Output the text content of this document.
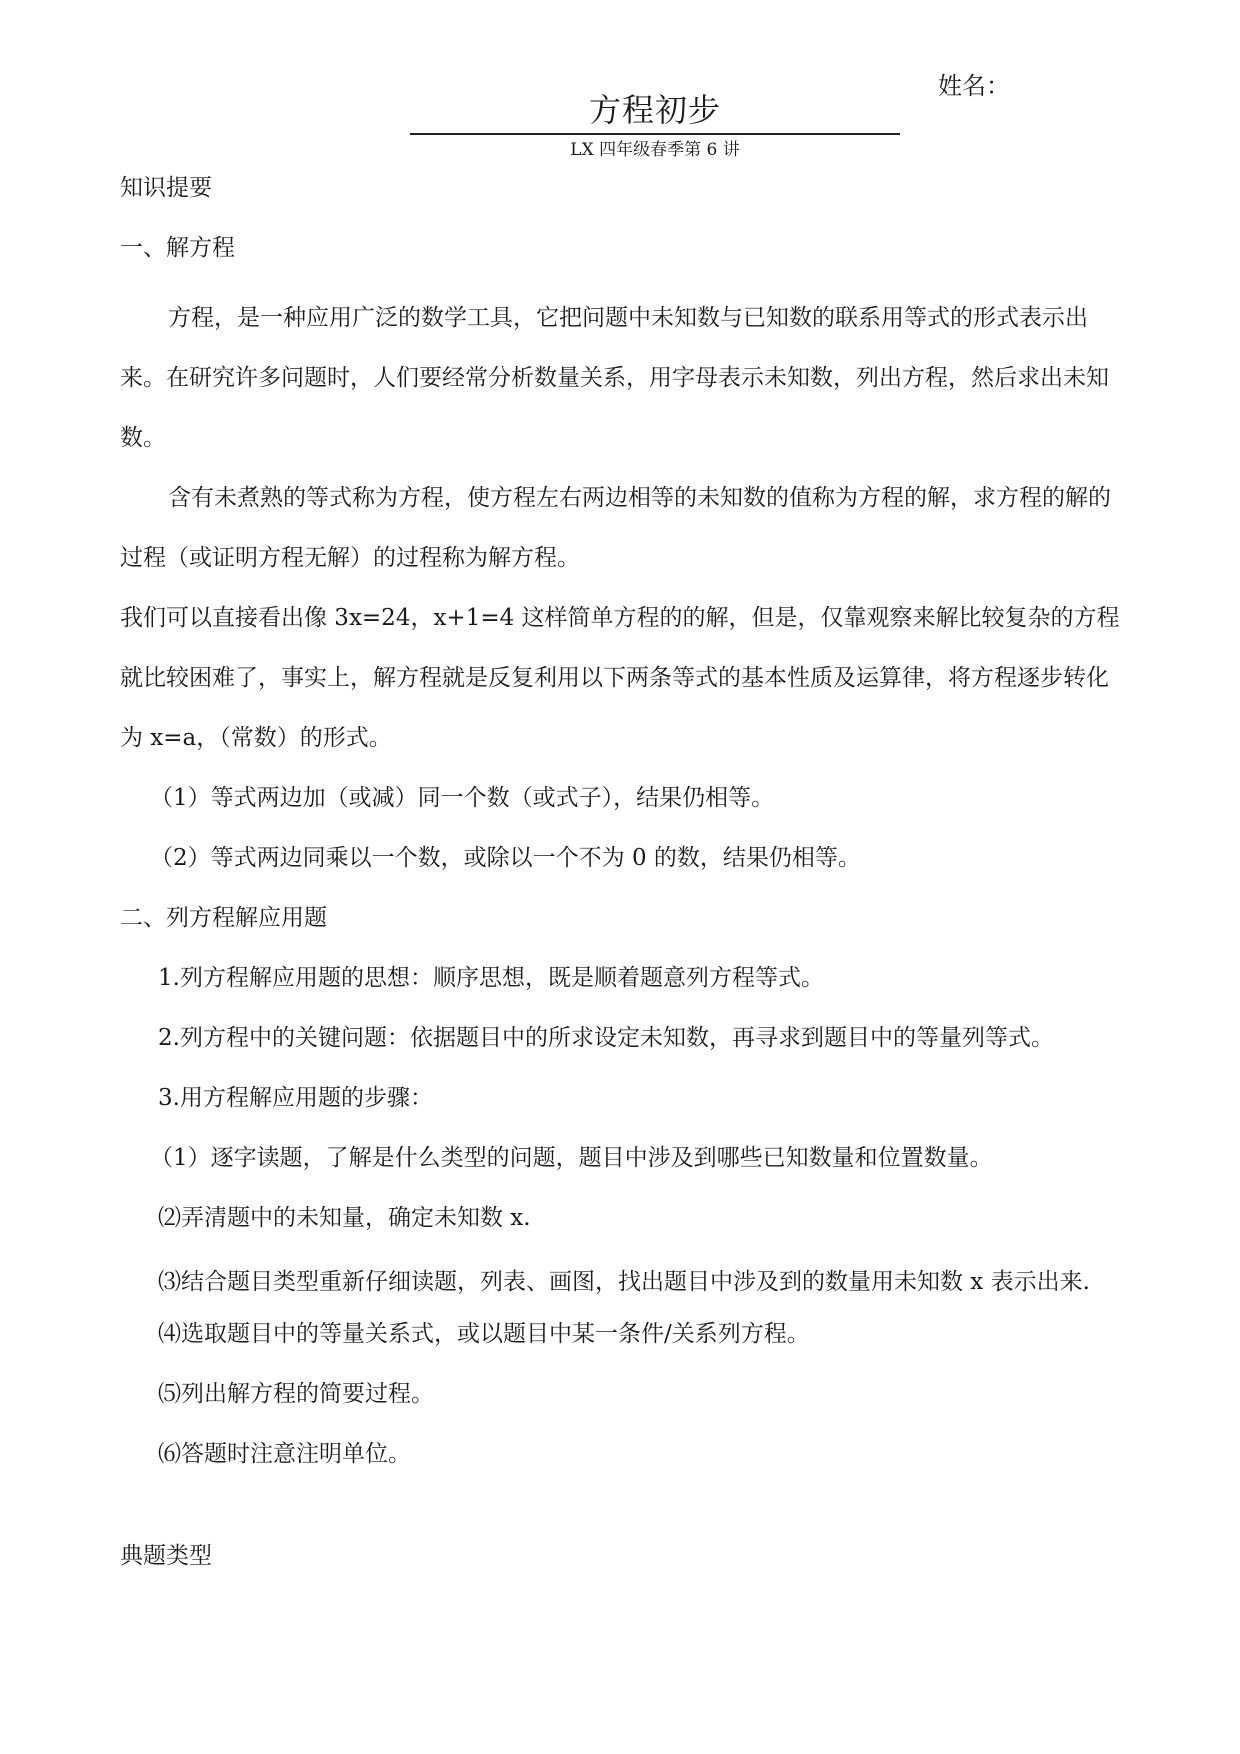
姓名：
方程初步
LX 四年级春季第 6 讲

知识提要

一、解方程

方程，是一种应用广泛的数学工具，它把问题中未知数与已知数的联系用等式的形式表示出来。在研究许多问题时，人们要经常分析数量关系，用字母表示未知数，列出方程，然后求出未知数。

含有未煮熟的等式称为方程，使方程左右两边相等的未知数的值称为方程的解，求方程的解的过程（或证明方程无解）的过程称为解方程。

我们可以直接看出像 3x=24，x+1=4 这样简单方程的的解，但是，仅靠观察来解比较复杂的方程就比较困难了，事实上，解方程就是反复利用以下两条等式的基本性质及运算律，将方程逐步转化为 x=a，（常数）的形式。

（1）等式两边加（或减）同一个数（或式子），结果仍相等。

（2）等式两边同乘以一个数，或除以一个不为 0 的数，结果仍相等。

二、列方程解应用题

1.列方程解应用题的思想：顺序思想，既是顺着题意列方程等式。

2.列方程中的关键问题：依据题目中的所求设定未知数，再寻求到题目中的等量列等式。

3.用方程解应用题的步骤：

（1）逐字读题，了解是什么类型的问题，题目中涉及到哪些已知数量和位置数量。

⑵弄清题中的未知量，确定未知数 x.

⑶结合题目类型重新仔细读题，列表、画图，找出题目中涉及到的数量用未知数 x 表示出来.

⑷选取题目中的等量关系式，或以题目中某一条件/关系列方程。

⑸列出解方程的简要过程。

⑹答题时注意注明单位。

典题类型
